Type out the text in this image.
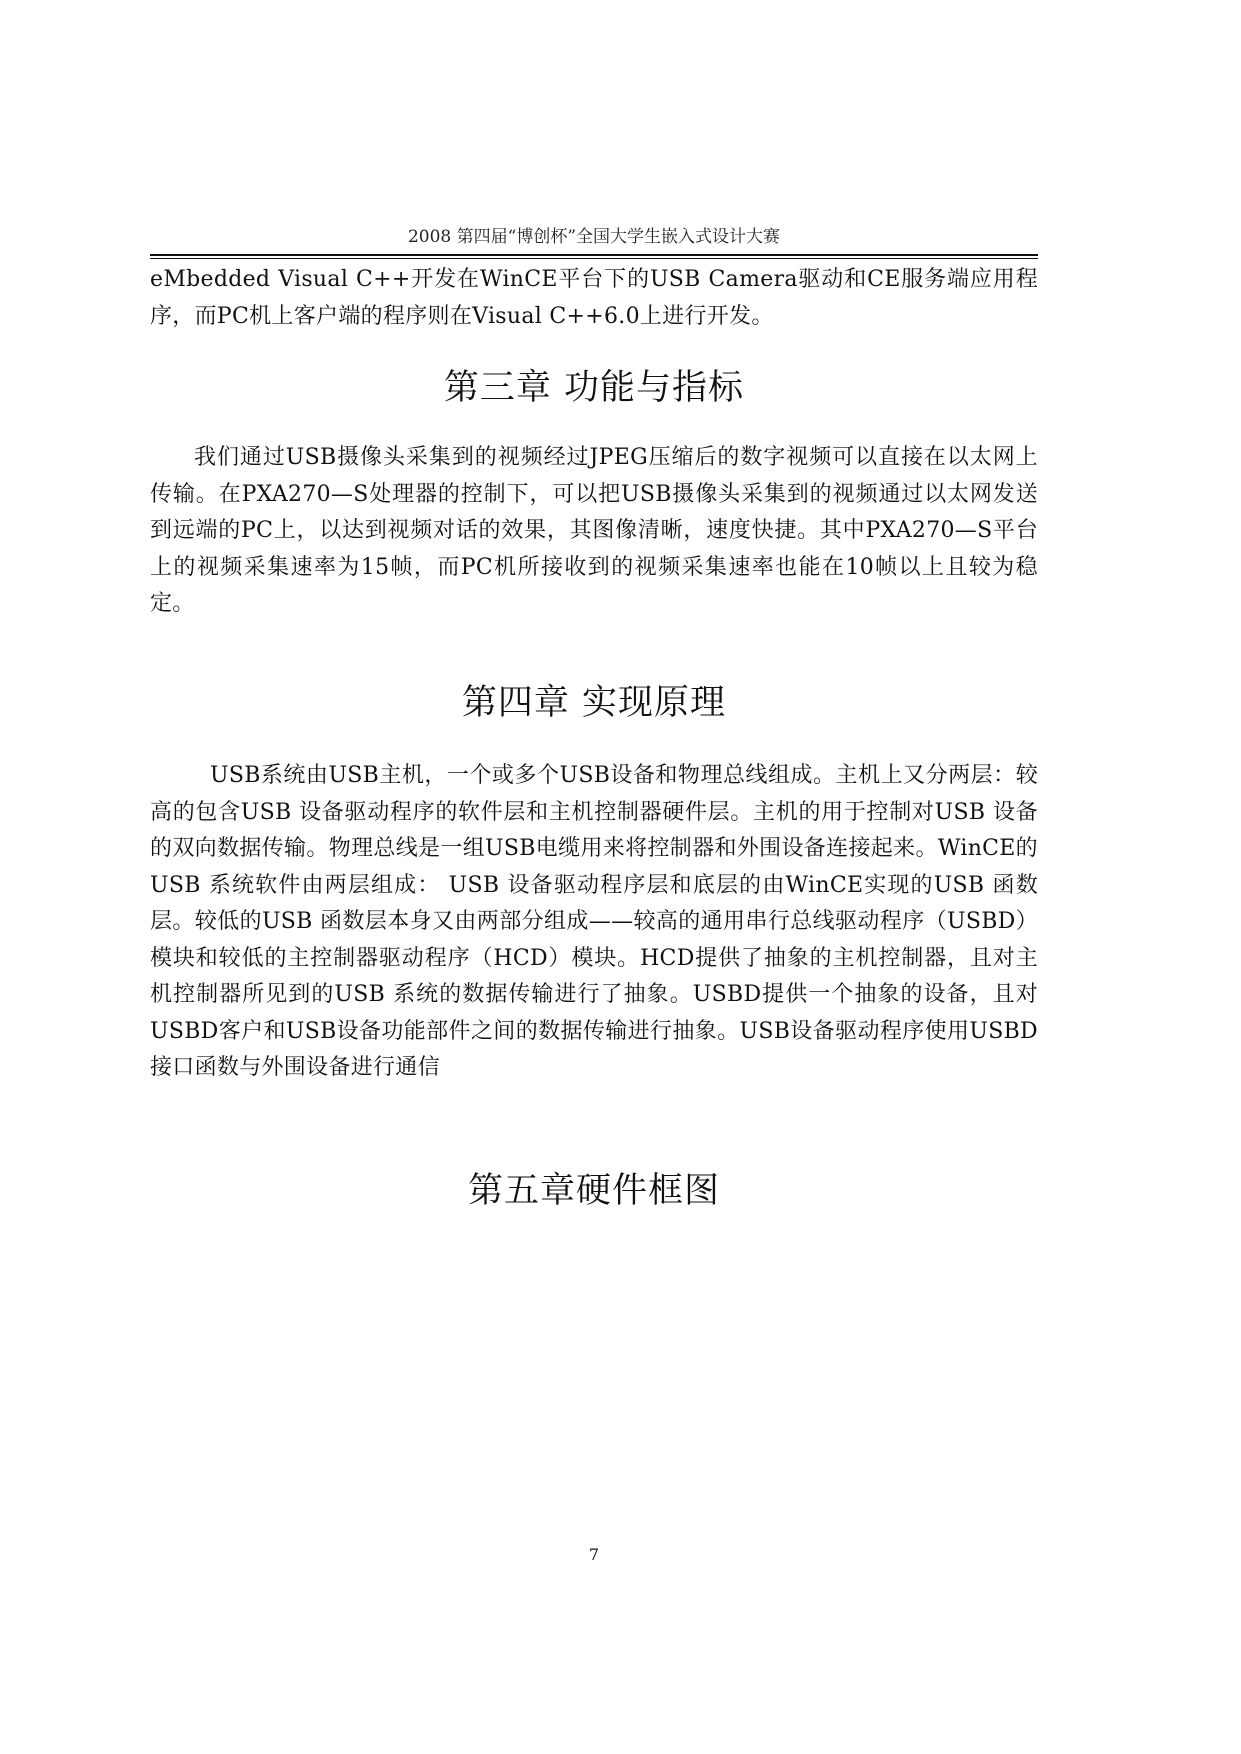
2008 第四届“博创杯”全国大学生嵌入式设计大赛

eMbedded Visual C++开发在WinCE平台下的USB Camera驱动和CE服务端应用程序，而PC机上客户端的程序则在Visual C++6.0上进行开发。

第三章 功能与指标

我们通过USB摄像头采集到的视频经过JPEG压缩后的数字视频可以直接在以太网上传输。在PXA270—S处理器的控制下，可以把USB摄像头采集到的视频通过以太网发送到远端的PC上，以达到视频对话的效果，其图像清晰，速度快捷。其中PXA270—S平台上的视频采集速率为15帧，而PC机所接收到的视频采集速率也能在10帧以上且较为稳定。

第四章 实现原理

USB系统由USB主机，一个或多个USB设备和物理总线组成。主机上又分两层：较高的包含USB 设备驱动程序的软件层和主机控制器硬件层。主机的用于控制对USB 设备的双向数据传输。物理总线是一组USB电缆用来将控制器和外围设备连接起来。WinCE的USB 系统软件由两层组成： USB 设备驱动程序层和底层的由WinCE实现的USB 函数层。较低的USB 函数层本身又由两部分组成——较高的通用串行总线驱动程序（USBD）模块和较低的主控制器驱动程序（HCD）模块。HCD提供了抽象的主机控制器，且对主机控制器所见到的USB 系统的数据传输进行了抽象。USBD提供一个抽象的设备，且对USBD客户和USB设备功能部件之间的数据传输进行抽象。USB设备驱动程序使用USBD 接口函数与外围设备进行通信

第五章硬件框图
7
